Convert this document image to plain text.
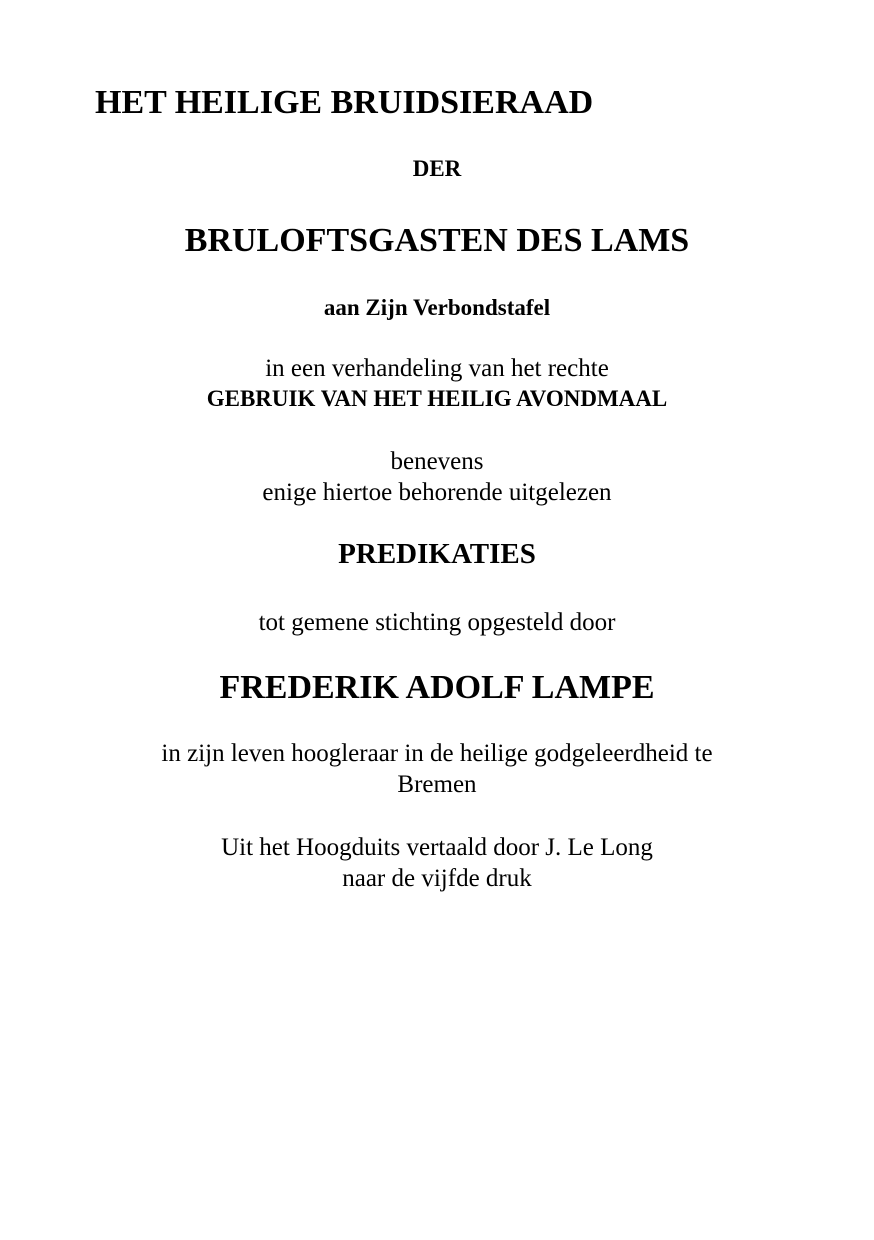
HET HEILIGE BRUIDSIERAAD
DER
BRULOFTSGASTEN DES LAMS
aan Zijn Verbondstafel
in een verhandeling van het rechte
GEBRUIK VAN HET HEILIG AVONDMAAL
benevens
enige hiertoe behorende uitgelezen
PREDIKATIES
tot gemene stichting opgesteld door
FREDERIK ADOLF LAMPE
in zijn leven hoogleraar in de heilige godgeleerdheid te
Bremen
Uit het Hoogduits vertaald door J. Le Long
naar de vijfde druk
